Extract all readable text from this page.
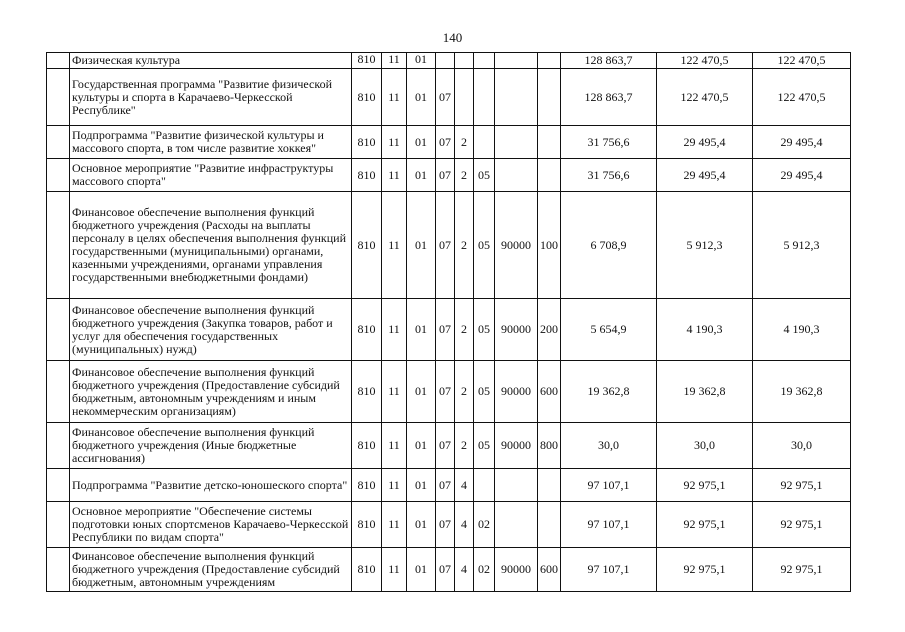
140
	Физическая культура	810	11	01						128 863,7	122 470,5	122 470,5
	Государственная программа "Развитие физической культуры и спорта в Карачаево-Черкесской Республике"	810	11	01	07					128 863,7	122 470,5	122 470,5
	Подпрограмма "Развитие физической культуры и массового спорта, в том числе развитие хоккея"	810	11	01	07	2				31 756,6	29 495,4	29 495,4
	Основное мероприятие "Развитие инфраструктуры массового спорта"	810	11	01	07	2	05			31 756,6	29 495,4	29 495,4
	Финансовое обеспечение выполнения функций бюджетного учреждения (Расходы на выплаты персоналу в целях обеспечения выполнения функций государственными (муниципальными) органами, казенными учреждениями, органами управления государственными внебюджетными фондами)	810	11	01	07	2	05	90000	100	6 708,9	5 912,3	5 912,3
	Финансовое обеспечение выполнения функций бюджетного учреждения (Закупка товаров, работ и услуг для обеспечения государственных (муниципальных) нужд)	810	11	01	07	2	05	90000	200	5 654,9	4 190,3	4 190,3
	Финансовое обеспечение выполнения функций бюджетного учреждения (Предоставление субсидий бюджетным, автономным учреждениям и иным некоммерческим организациям)	810	11	01	07	2	05	90000	600	19 362,8	19 362,8	19 362,8
	Финансовое обеспечение выполнения функций бюджетного учреждения (Иные бюджетные ассигнования)	810	11	01	07	2	05	90000	800	30,0	30,0	30,0
	Подпрограмма "Развитие детско-юношеского спорта"	810	11	01	07	4				97 107,1	92 975,1	92 975,1
	Основное мероприятие "Обеспечение системы подготовки юных спортсменов Карачаево-Черкесской Республики по видам спорта"	810	11	01	07	4	02			97 107,1	92 975,1	92 975,1
	Финансовое обеспечение выполнения функций бюджетного учреждения (Предоставление субсидий бюджетным, автономным учреждениям	810	11	01	07	4	02	90000	600	97 107,1	92 975,1	92 975,1
